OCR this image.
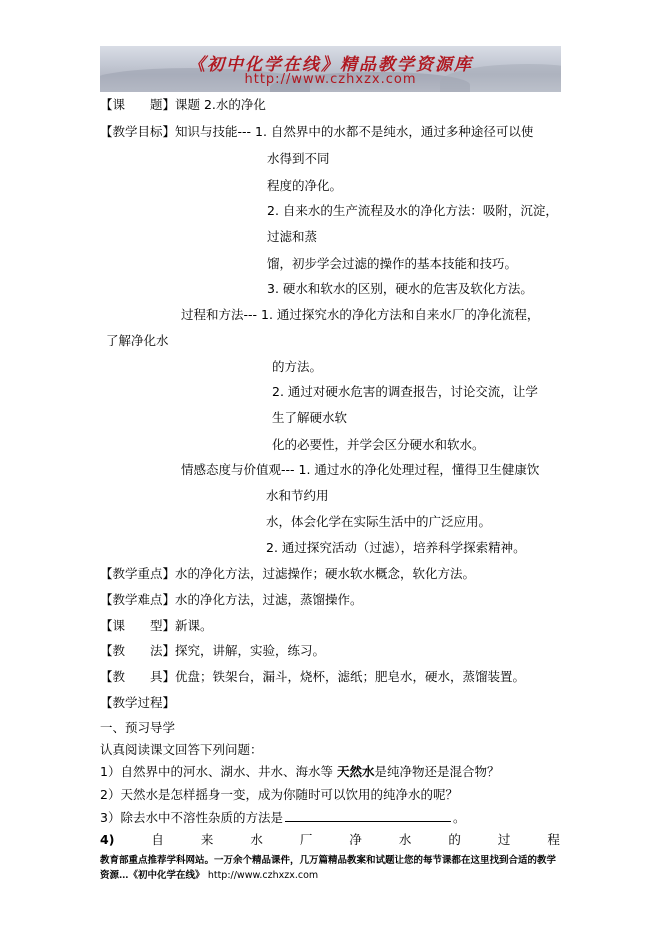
《初中化学在线》精品教学资源库
http://www.czhxzx.com
【课　　题】课题 2.水的净化
【教学目标】知识与技能--- 1. 自然界中的水都不是纯水，通过多种途径可以使
水得到不同
程度的净化。
2. 自来水的生产流程及水的净化方法：吸附，沉淀，
过滤和蒸
馏，初步学会过滤的操作的基本技能和技巧。
3. 硬水和软水的区别，硬水的危害及软化方法。
过程和方法--- 1. 通过探究水的净化方法和自来水厂的净化流程，
了解净化水
的方法。
2. 通过对硬水危害的调查报告，讨论交流，让学
生了解硬水软
化的必要性，并学会区分硬水和软水。
情感态度与价值观--- 1. 通过水的净化处理过程，懂得卫生健康饮
水和节约用
水，体会化学在实际生活中的广泛应用。
2. 通过探究活动（过滤），培养科学探索精神。
【教学重点】水的净化方法，过滤操作；硬水软水概念，软化方法。
【教学难点】水的净化方法，过滤，蒸馏操作。
【课　　型】新课。
【教　　法】探究，讲解，实验，练习。
【教　　具】优盘；铁架台，漏斗，烧杯，滤纸；肥皂水，硬水，蒸馏装置。
【教学过程】
一、预习导学
认真阅读课文回答下列问题：
1）自然界中的河水、湖水、井水、海水等 天然水是纯净物还是混合物？
2）天然水是怎样摇身一变，成为你随时可以饮用的纯净水的呢？
3）除去水中不溶性杂质的方法是	。
4)	自	来	水	厂	净	水	的	过	程
教育部重点推荐学科网站。一万余个精品课件，几万篇精品教案和试题让您的每节课都在这里找到合适的教学资源…《初中化学在线》 http://www.czhxzx.com
